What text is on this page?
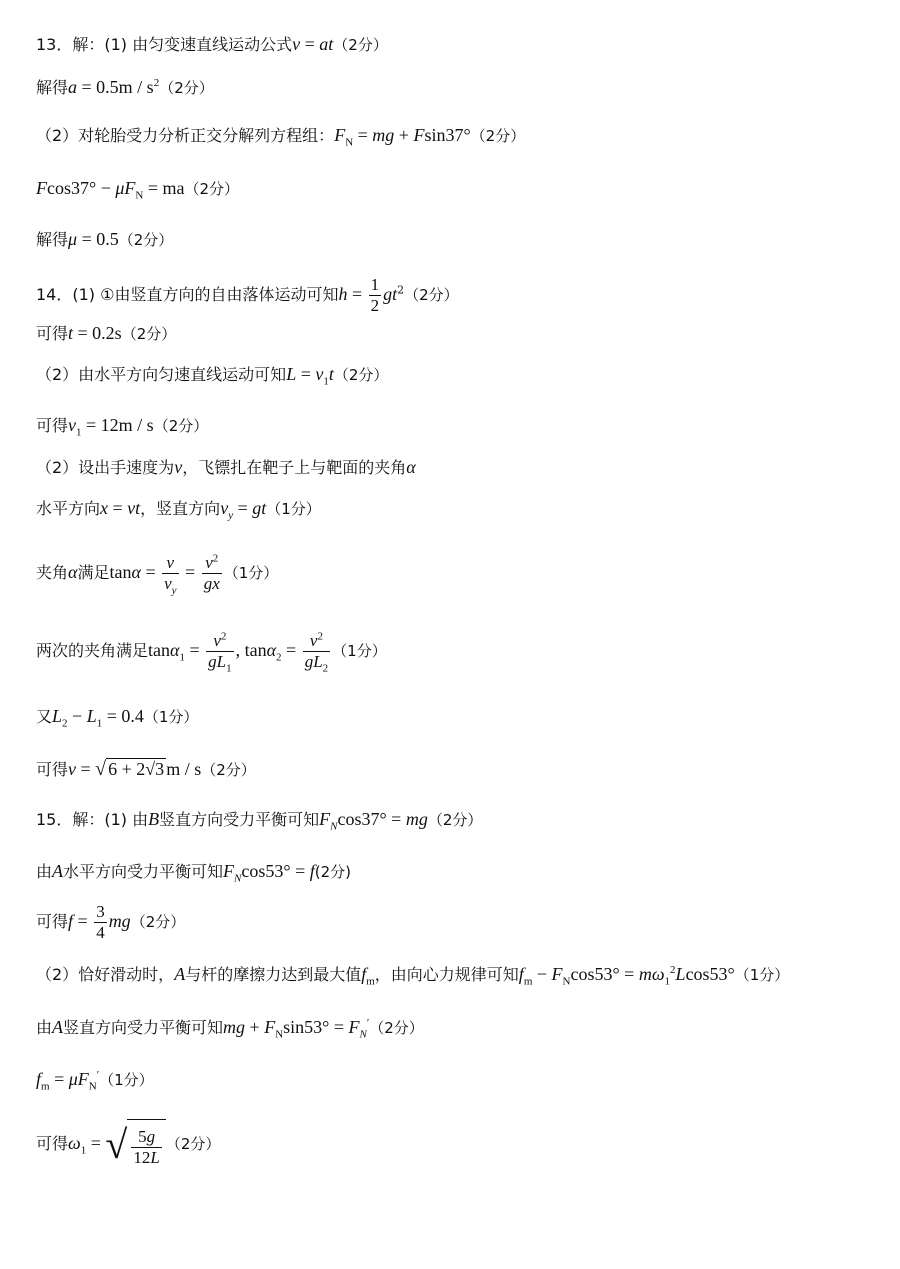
13．解：(1) 由匀变速直线运动公式v = at（2分）
解得$a = 0.5m / s^2(2$分）
（2）对轮胎受力分析正交分解列方程组：$F_N$ = mg + Fsin37°（2分）
$Fcos37^\circ - \mu F_N = ma(2$分）
解得μ = 0.5（2分）
14．(1) ①由竖直方向的自由落体运动可知$h = \frac{1}{2} gt^2(2$分）
可得t = 0.2s（2分）
（2）由水平方向匀速直线运动可知$L = v_1t(2$分）
可得$v_1 = 12m / s(2$分）
（2）设出手速度为v，飞镖扎在靶子上与靶面的夹角α
水平方向x = vt，竖直方向$v_y = gt(1$分）
夹角α满足$\tan\alpha = \frac{v}{v_y} = \frac{v^2}{gx} (1$分）
两次的夹角满足$\tan\alpha_1 = \frac{v^2}{gL_1}$ , $\tan\alpha_2 = \frac{v^2}{gL_2} (1$分）
又$L_2 - L_1 = 0.4(1$分）
可得v = √ 6 + 2√3 m / s（2分）
15．解：(1) 由B竖直方向受力平衡可知$F_N\cos 37^\circ = mg(2$分）
由A水平方向受力平衡可知$F_N\cos 53^\circ = f(2$分)
可得$f = \frac{3}{4} mg(2$分）
（2）恰好滑动时，A与杆的摩擦力达到最大值$f_m$，由向心力规律可知$f_m - F_N\cos 53^\circ = m\omega_1^2Lcos53^\circ(1$分）
由A竖直方向受力平衡可知mg + $F_N\sin 53^\circ = F_N'(2$分）
$f_m = \mu F_N'(1$分）
可得$\omega_1$ = √ $\frac{5g}{12L} (2$分）
